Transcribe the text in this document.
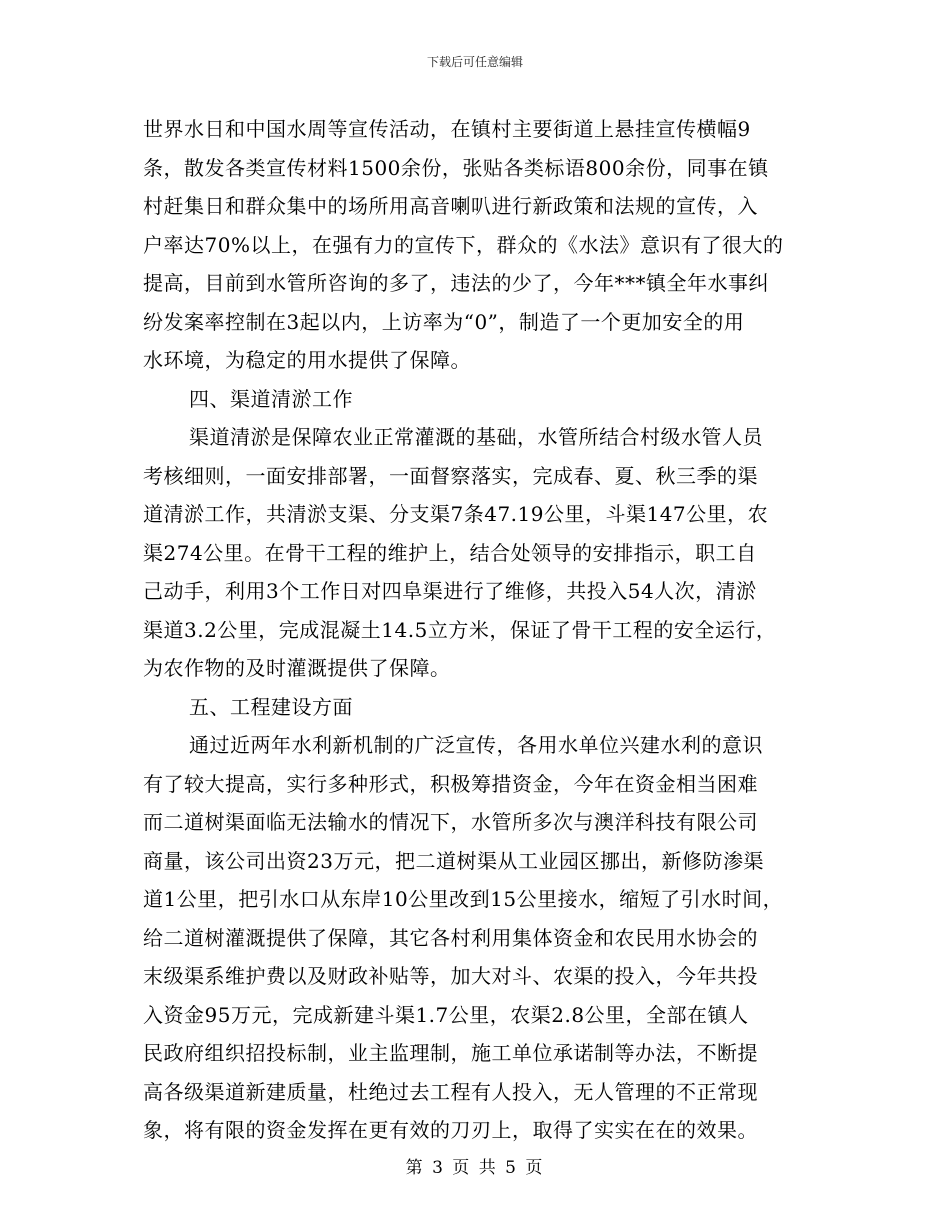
下载后可任意编辑
世界水日和中国水周等宣传活动，在镇村主要街道上悬挂宣传横幅9
条，散发各类宣传材料1500余份，张贴各类标语800余份，同事在镇
村赶集日和群众集中的场所用高音喇叭进行新政策和法规的宣传，入
户率达70%以上，在强有力的宣传下，群众的《水法》意识有了很大的
提高，目前到水管所咨询的多了，违法的少了，今年***镇全年水事纠
纷发案率控制在3起以内，上访率为“0”，制造了一个更加安全的用
水环境，为稳定的用水提供了保障。
四、渠道清淤工作
渠道清淤是保障农业正常灌溉的基础，水管所结合村级水管人员
考核细则，一面安排部署，一面督察落实，完成春、夏、秋三季的渠
道清淤工作，共清淤支渠、分支渠7条47.19公里，斗渠147公里，农
渠274公里。在骨干工程的维护上，结合处领导的安排指示，职工自
己动手，利用3个工作日对四阜渠进行了维修，共投入54人次，清淤
渠道3.2公里，完成混凝土14.5立方米，保证了骨干工程的安全运行，
为农作物的及时灌溉提供了保障。
五、工程建设方面
通过近两年水利新机制的广泛宣传，各用水单位兴建水利的意识
有了较大提高，实行多种形式，积极筹措资金，今年在资金相当困难
而二道树渠面临无法输水的情况下，水管所多次与澳洋科技有限公司
商量，该公司出资23万元，把二道树渠从工业园区挪出，新修防渗渠
道1公里，把引水口从东岸10公里改到15公里接水，缩短了引水时间，
给二道树灌溉提供了保障，其它各村利用集体资金和农民用水协会的
末级渠系维护费以及财政补贴等，加大对斗、农渠的投入，今年共投
入资金95万元，完成新建斗渠1.7公里，农渠2.8公里，全部在镇人
民政府组织招投标制，业主监理制，施工单位承诺制等办法，不断提
高各级渠道新建质量，杜绝过去工程有人投入，无人管理的不正常现
象，将有限的资金发挥在更有效的刀刃上，取得了实实在在的效果。
第 3 页 共 5 页
